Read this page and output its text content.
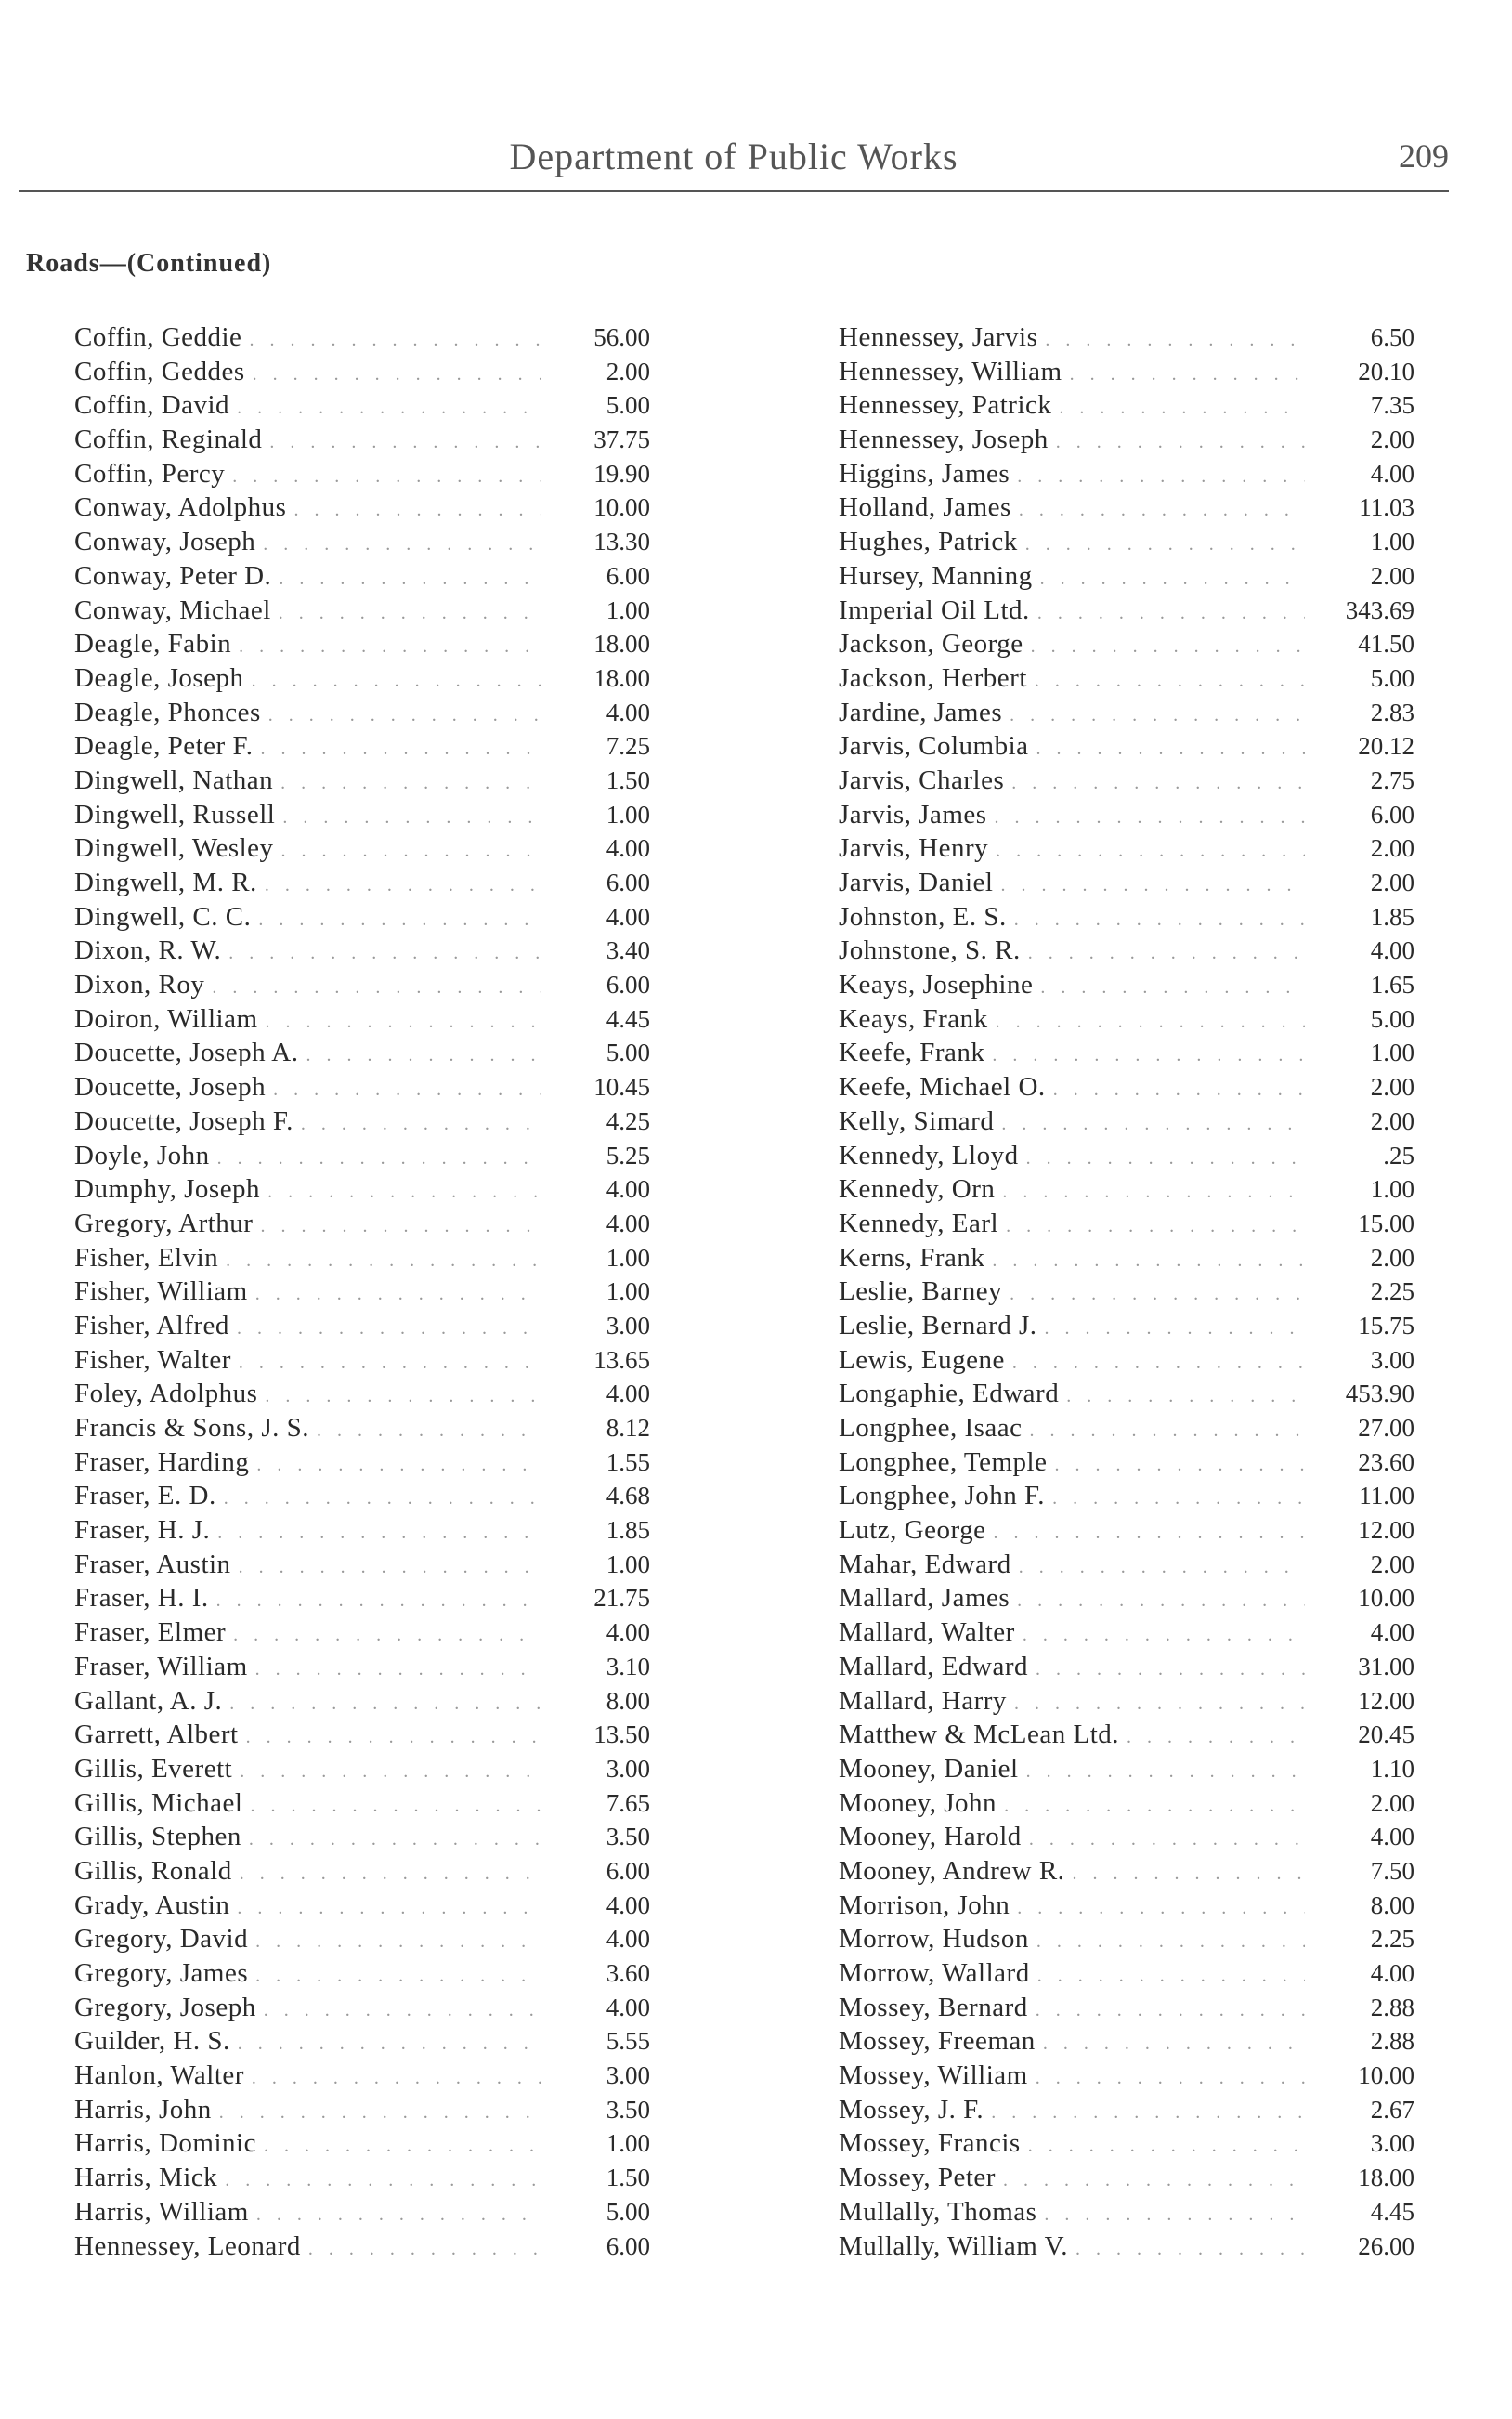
Department of Public Works	209
Roads—(Continued)
Coffin, Geddie . . .	56.00
Coffin, Geddes . . .	2.00
Coffin, David . . .	5.00
Coffin, Reginald . . .	37.75
Coffin, Percy . . .	19.90
Conway, Adolphus . . .	10.00
Conway, Joseph . . .	13.30
Conway, Peter D. . . .	6.00
Conway, Michael . . .	1.00
Deagle, Fabin . . .	18.00
Deagle, Joseph . . .	18.00
Deagle, Phonces . . .	4.00
Deagle, Peter F. . . .	7.25
Dingwell, Nathan . . .	1.50
Dingwell, Russell . . .	1.00
Dingwell, Wesley . . .	4.00
Dingwell, M. R. . . .	6.00
Dingwell, C. C. . . .	4.00
Dixon, R. W. . . .	3.40
Dixon, Roy . . .	6.00
Doiron, William . . .	4.45
Doucette, Joseph A. . . .	5.00
Doucette, Joseph . . .	10.45
Doucette, Joseph F. . . .	4.25
Doyle, John . . .	5.25
Dumphy, Joseph . . .	4.00
Gregory, Arthur . . .	4.00
Fisher, Elvin . . .	1.00
Fisher, William . . .	1.00
Fisher, Alfred . . .	3.00
Fisher, Walter . . .	13.65
Foley, Adolphus . . .	4.00
Francis & Sons, J. S. . . .	8.12
Fraser, Harding . . .	1.55
Fraser, E. D. . . .	4.68
Fraser, H. J. . . .	1.85
Fraser, Austin . . .	1.00
Fraser, H. I. . . .	21.75
Fraser, Elmer . . .	4.00
Fraser, William . . .	3.10
Gallant, A. J. . . .	8.00
Garrett, Albert . . .	13.50
Gillis, Everett . . .	3.00
Gillis, Michael . . .	7.65
Gillis, Stephen . . .	3.50
Gillis, Ronald . . .	6.00
Grady, Austin . . .	4.00
Gregory, David . . .	4.00
Gregory, James . . .	3.60
Gregory, Joseph . . .	4.00
Guilder, H. S. . . .	5.55
Hanlon, Walter . . .	3.00
Harris, John . . .	3.50
Harris, Dominic . . .	1.00
Harris, Mick . . .	1.50
Harris, William . . .	5.00
Hennessey, Leonard . . .	6.00
Hennessey, Jarvis . . .	6.50
Hennessey, William . . .	20.10
Hennessey, Patrick . . .	7.35
Hennessey, Joseph . . .	2.00
Higgins, James . . .	4.00
Holland, James . . .	11.03
Hughes, Patrick . . .	1.00
Hursey, Manning . . .	2.00
Imperial Oil Ltd. . . .	343.69
Jackson, George . . .	41.50
Jackson, Herbert . . .	5.00
Jardine, James . . .	2.83
Jarvis, Columbia . . .	20.12
Jarvis, Charles . . .	2.75
Jarvis, James . . .	6.00
Jarvis, Henry . . .	2.00
Jarvis, Daniel . . .	2.00
Johnston, E. S. . . .	1.85
Johnstone, S. R. . . .	4.00
Keays, Josephine . . .	1.65
Keays, Frank . . .	5.00
Keefe, Frank . . .	1.00
Keefe, Michael O. . . .	2.00
Kelly, Simard . . .	2.00
Kennedy, Lloyd . . .	.25
Kennedy, Orn . . .	1.00
Kennedy, Earl . . .	15.00
Kerns, Frank . . .	2.00
Leslie, Barney . . .	2.25
Leslie, Bernard J. . . .	15.75
Lewis, Eugene . . .	3.00
Longaphie, Edward . . .	453.90
Longphee, Isaac . . .	27.00
Longphee, Temple . . .	23.60
Longphee, John F. . . .	11.00
Lutz, George . . .	12.00
Mahar, Edward . . .	2.00
Mallard, James . . .	10.00
Mallard, Walter . . .	4.00
Mallard, Edward . . .	31.00
Mallard, Harry . . .	12.00
Matthew & McLean Ltd. . . .	20.45
Mooney, Daniel . . .	1.10
Mooney, John . . .	2.00
Mooney, Harold . . .	4.00
Mooney, Andrew R. . . .	7.50
Morrison, John . . .	8.00
Morrow, Hudson . . .	2.25
Morrow, Wallard . . .	4.00
Mossey, Bernard . . .	2.88
Mossey, Freeman . . .	2.88
Mossey, William . . .	10.00
Mossey, J. F. . . .	2.67
Mossey, Francis . . .	3.00
Mossey, Peter . . .	18.00
Mullally, Thomas . . .	4.45
Mullally, William V. . . .	26.00
